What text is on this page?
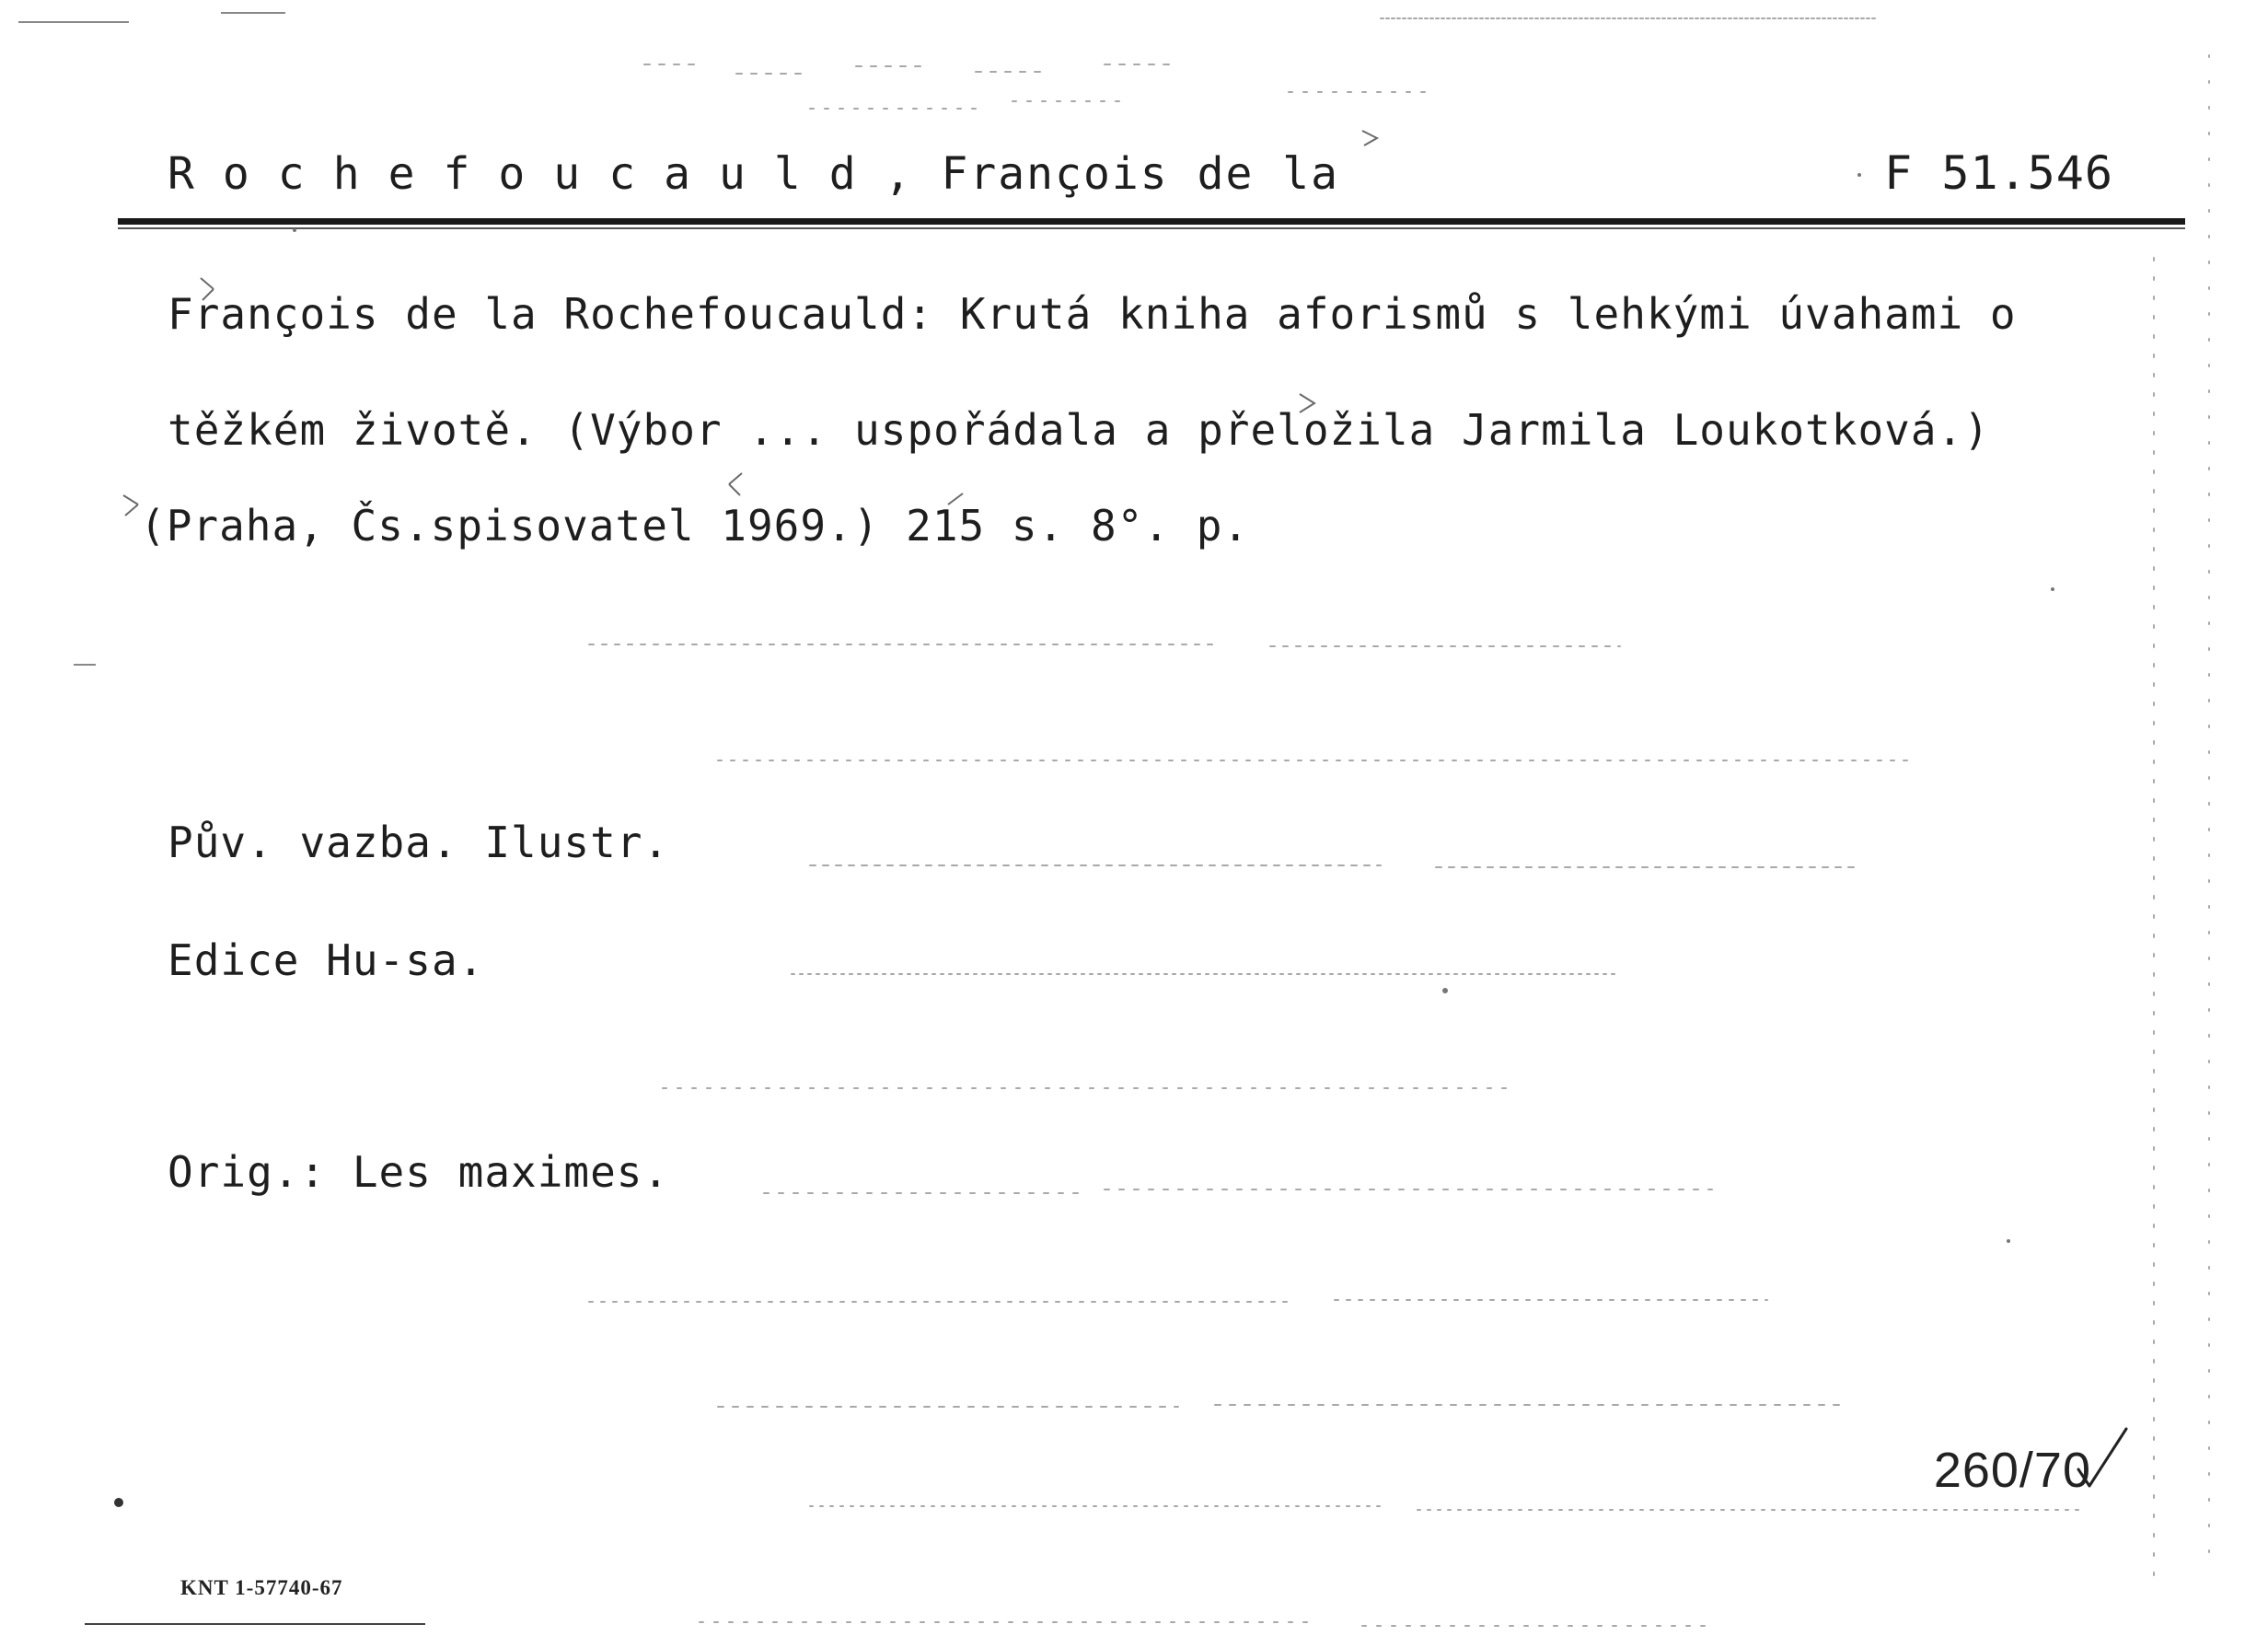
Rochefoucauld, François de la	F 51.546
François de la Rochefoucauld: Krutá kniha aforismů s lehkými úvahami o
těžkém životě. (Výbor ... uspořádala a přeložila Jarmila Loukotková.)
(Praha, Čs.spisovatel 1969.) 215 s. 8°. p.
Pův. vazba. Ilustr.
Edice Hu-sa.
Orig.: Les maximes.
260/70
KNT 1-57740-67
